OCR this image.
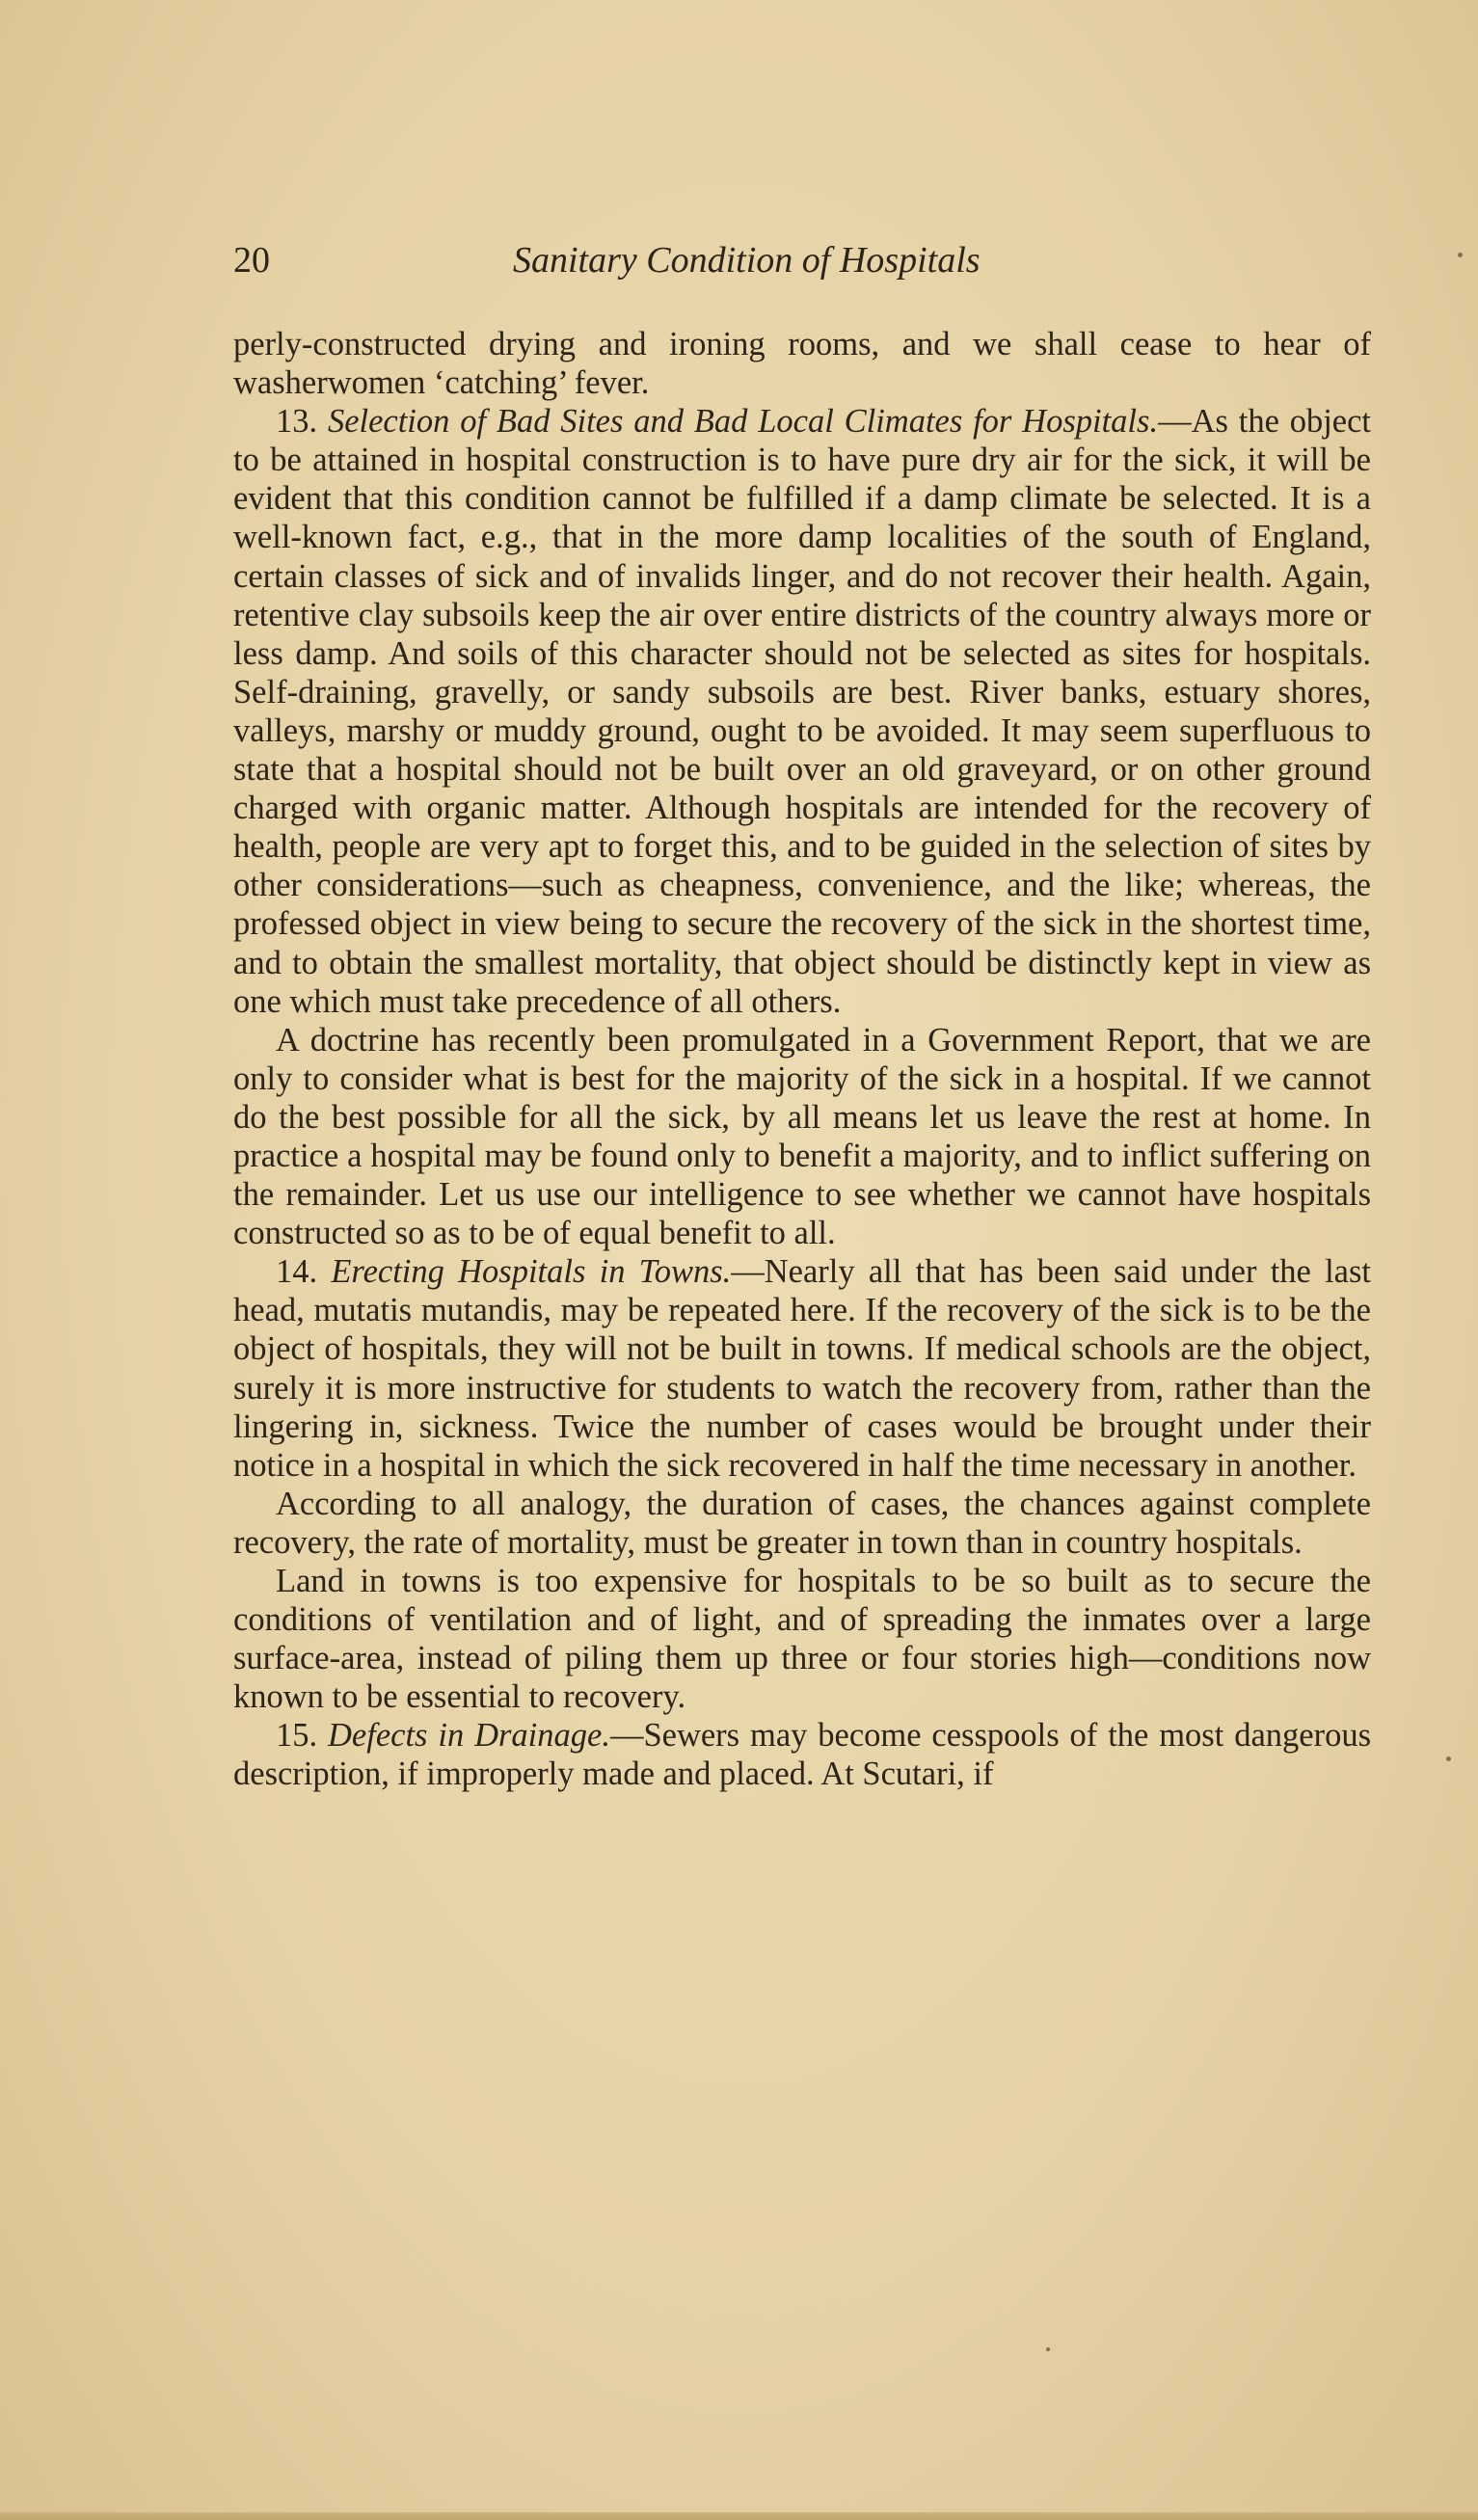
20	Sanitary Condition of Hospitals

perly-constructed drying and ironing rooms, and we shall cease to hear of washerwomen ‘catching’ fever.

13. Selection of Bad Sites and Bad Local Climates for Hospitals.—As the object to be attained in hospital construction is to have pure dry air for the sick, it will be evident that this condition cannot be fulfilled if a damp climate be selected. It is a well-known fact, e.g., that in the more damp localities of the south of England, certain classes of sick and of invalids linger, and do not recover their health. Again, retentive clay subsoils keep the air over entire districts of the country always more or less damp. And soils of this character should not be selected as sites for hospitals. Self-draining, gravelly, or sandy subsoils are best. River banks, estuary shores, valleys, marshy or muddy ground, ought to be avoided. It may seem superfluous to state that a hospital should not be built over an old graveyard, or on other ground charged with organic matter. Although hospitals are intended for the recovery of health, people are very apt to forget this, and to be guided in the selection of sites by other considerations—such as cheapness, convenience, and the like; whereas, the professed object in view being to secure the recovery of the sick in the shortest time, and to obtain the smallest mortality, that object should be distinctly kept in view as one which must take precedence of all others.

A doctrine has recently been promulgated in a Government Report, that we are only to consider what is best for the majority of the sick in a hospital. If we cannot do the best possible for all the sick, by all means let us leave the rest at home. In practice a hospital may be found only to benefit a majority, and to inflict suffering on the remainder. Let us use our intelligence to see whether we cannot have hospitals constructed so as to be of equal benefit to all.

14. Erecting Hospitals in Towns.—Nearly all that has been said under the last head, mutatis mutandis, may be repeated here. If the recovery of the sick is to be the object of hospitals, they will not be built in towns. If medical schools are the object, surely it is more instructive for students to watch the recovery from, rather than the lingering in, sickness. Twice the number of cases would be brought under their notice in a hospital in which the sick recovered in half the time necessary in another.

According to all analogy, the duration of cases, the chances against complete recovery, the rate of mortality, must be greater in town than in country hospitals.

Land in towns is too expensive for hospitals to be so built as to secure the conditions of ventilation and of light, and of spreading the inmates over a large surface-area, instead of piling them up three or four stories high—conditions now known to be essential to recovery.

15. Defects in Drainage.—Sewers may become cesspools of the most dangerous description, if improperly made and placed. At Scutari, if
